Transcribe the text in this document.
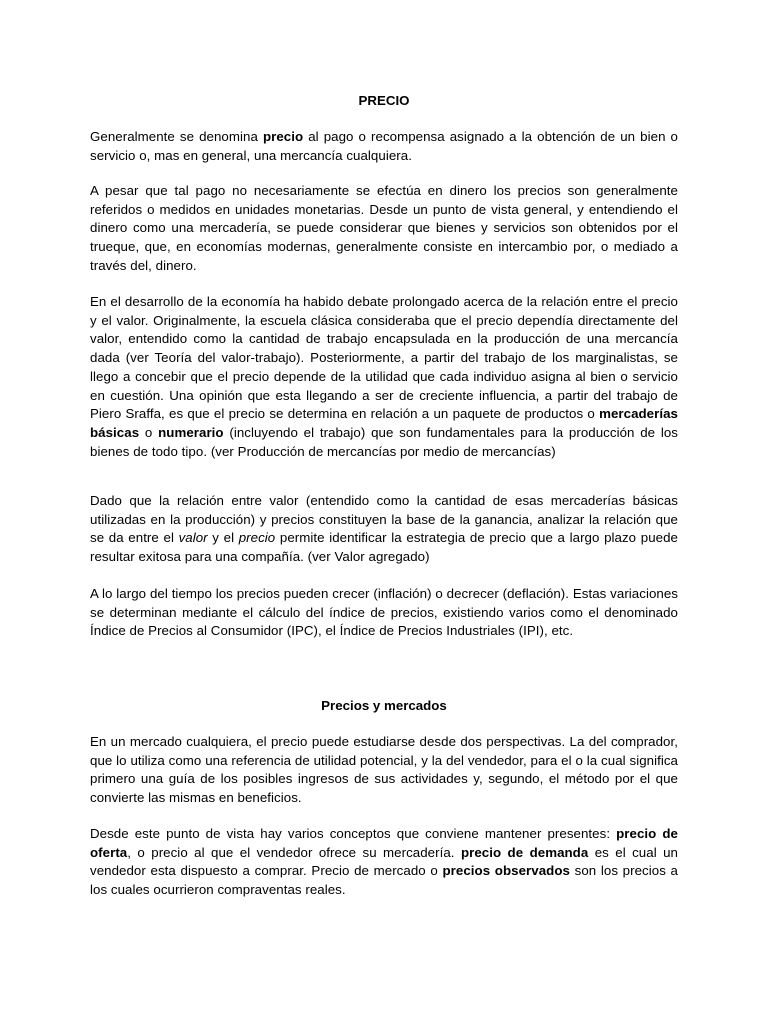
PRECIO

Generalmente se denomina precio al pago o recompensa asignado a la obtención de un bien o servicio o, mas en general, una mercancía cualquiera.

A pesar que tal pago no necesariamente se efectúa en dinero los precios son generalmente referidos o medidos en unidades monetarias. Desde un punto de vista general, y entendiendo el dinero como una mercadería, se puede considerar que bienes y servicios son obtenidos por el trueque, que, en economías modernas, generalmente consiste en intercambio por, o mediado a través del, dinero.

En el desarrollo de la economía ha habido debate prolongado acerca de la relación entre el precio y el valor. Originalmente, la escuela clásica consideraba que el precio dependía directamente del valor, entendido como la cantidad de trabajo encapsulada en la producción de una mercancía dada (ver Teoría del valor-trabajo). Posteriormente, a partir del trabajo de los marginalistas, se llego a concebir que el precio depende de la utilidad que cada individuo asigna al bien o servicio en cuestión. Una opinión que esta llegando a ser de creciente influencia, a partir del trabajo de Piero Sraffa, es que el precio se determina en relación a un paquete de productos o mercaderías básicas o numerario (incluyendo el trabajo) que son fundamentales para la producción de los bienes de todo tipo. (ver Producción de mercancías por medio de mercancías)

Dado que la relación entre valor (entendido como la cantidad de esas mercaderías básicas utilizadas en la producción) y precios constituyen la base de la ganancia, analizar la relación que se da entre el valor y el precio permite identificar la estrategia de precio que a largo plazo puede resultar exitosa para una compañía. (ver Valor agregado)

A lo largo del tiempo los precios pueden crecer (inflación) o decrecer (deflación). Estas variaciones se determinan mediante el cálculo del índice de precios, existiendo varios como el denominado Índice de Precios al Consumidor (IPC), el Índice de Precios Industriales (IPI), etc.

Precios y mercados

En un mercado cualquiera, el precio puede estudiarse desde dos perspectivas. La del comprador, que lo utiliza como una referencia de utilidad potencial, y la del vendedor, para el o la cual significa primero una guía de los posibles ingresos de sus actividades y, segundo, el método por el que convierte las mismas en beneficios.

Desde este punto de vista hay varios conceptos que conviene mantener presentes: precio de oferta, o precio al que el vendedor ofrece su mercadería. precio de demanda es el cual un vendedor esta dispuesto a comprar. Precio de mercado o precios observados son los precios a los cuales ocurrieron compraventas reales.
